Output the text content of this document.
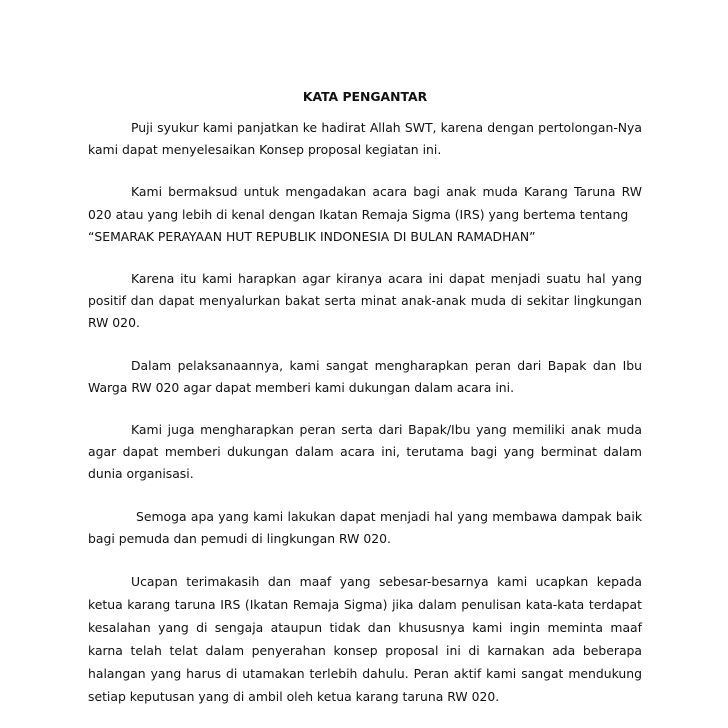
KATA PENGANTAR

Puji syukur kami panjatkan ke hadirat Allah SWT, karena dengan pertolongan-Nya kami dapat menyelesaikan Konsep proposal kegiatan ini.

Kami bermaksud untuk mengadakan acara bagi anak muda Karang Taruna RW 020 atau yang lebih di kenal dengan Ikatan Remaja Sigma (IRS) yang bertema tentang
“SEMARAK PERAYAAN HUT REPUBLIK INDONESIA DI BULAN RAMADHAN”

Karena itu kami harapkan agar kiranya acara ini dapat menjadi suatu hal yang positif dan dapat menyalurkan bakat serta minat anak-anak muda di sekitar lingkungan RW 020.

Dalam pelaksanaannya, kami sangat mengharapkan peran dari Bapak dan Ibu Warga RW 020 agar dapat memberi kami dukungan dalam acara ini.

Kami juga mengharapkan peran serta dari Bapak/Ibu yang memiliki anak muda agar dapat memberi dukungan dalam acara ini, terutama bagi yang berminat dalam dunia organisasi.

Semoga apa yang kami lakukan dapat menjadi hal yang membawa dampak baik bagi pemuda dan pemudi di lingkungan RW 020.

Ucapan terimakasih dan maaf yang sebesar-besarnya kami ucapkan kepada ketua karang taruna IRS (Ikatan Remaja Sigma) jika dalam penulisan kata-kata terdapat kesalahan yang di sengaja ataupun tidak dan khususnya kami ingin meminta maaf karna telah telat dalam penyerahan konsep proposal ini di karnakan ada beberapa halangan yang harus di utamakan terlebih dahulu. Peran aktif kami sangat mendukung setiap keputusan yang di ambil oleh ketua karang taruna RW 020.
